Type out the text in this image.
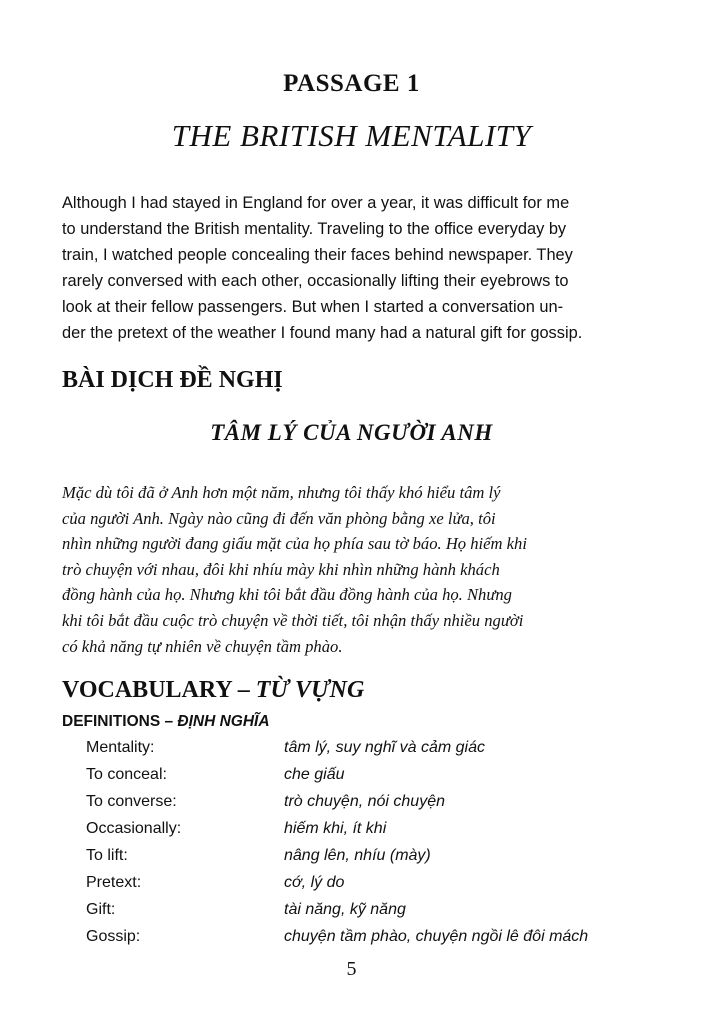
PASSAGE 1
THE BRITISH MENTALITY
Although I had stayed in England for over a year, it was difficult for me
to understand the British mentality. Traveling to the office everyday by
train, I watched people concealing their faces behind newspaper. They
rarely conversed with each other, occasionally lifting their eyebrows to
look at their fellow passengers. But when I started a conversation un-
der the pretext of the weather I found many had a natural gift for gossip.
BÀI DỊCH ĐỀ NGHỊ
TÂM LÝ CỦA NGƯỜI ANH
Mặc dù tôi đã ở Anh hơn một năm, nhưng tôi thấy khó hiểu tâm lý
của người Anh. Ngày nào cũng đi đến văn phòng bằng xe lửa, tôi
nhìn những người đang giấu mặt của họ phía sau tờ báo. Họ hiếm khi
trò chuyện với nhau, đôi khi nhíu mày khi nhìn những hành khách
đồng hành của họ. Nhưng khi tôi bắt đầu đồng hành của họ. Nhưng
khi tôi bắt đầu cuộc trò chuyện về thời tiết, tôi nhận thấy nhiều người
có khả năng tự nhiên về chuyện tầm phào.
VOCABULARY – TỪ VỰNG
DEFINITIONS – ĐỊNH NGHĨA
Mentality:	tâm lý, suy nghĩ và cảm giác
To conceal:	che giấu
To converse:	trò chuyện, nói chuyện
Occasionally:	hiếm khi, ít khi
To lift:	nâng lên, nhíu (mày)
Pretext:	cớ, lý do
Gift:	tài năng, kỹ năng
Gossip:	chuyện tầm phào, chuyện ngồi lê đôi mách
5
